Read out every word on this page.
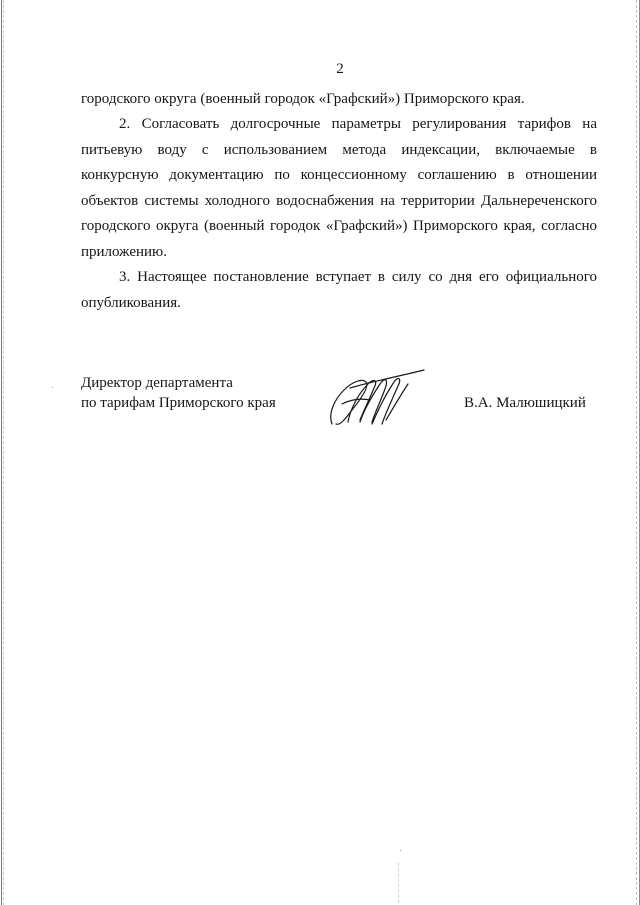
2
городского округа (военный городок «Графский») Приморского края.
2. Согласовать долгосрочные параметры регулирования тарифов на питьевую воду с использованием метода индексации, включаемые в конкурсную документацию по концессионному соглашению в отношении объектов системы холодного водоснабжения на территории Дальнереченского городского округа (военный городок «Графский») Приморского края, согласно приложению.
3. Настоящее постановление вступает в силу со дня его официального опубликования.
Директор департамента
по тарифам Приморского края	В.А. Малюшицкий
